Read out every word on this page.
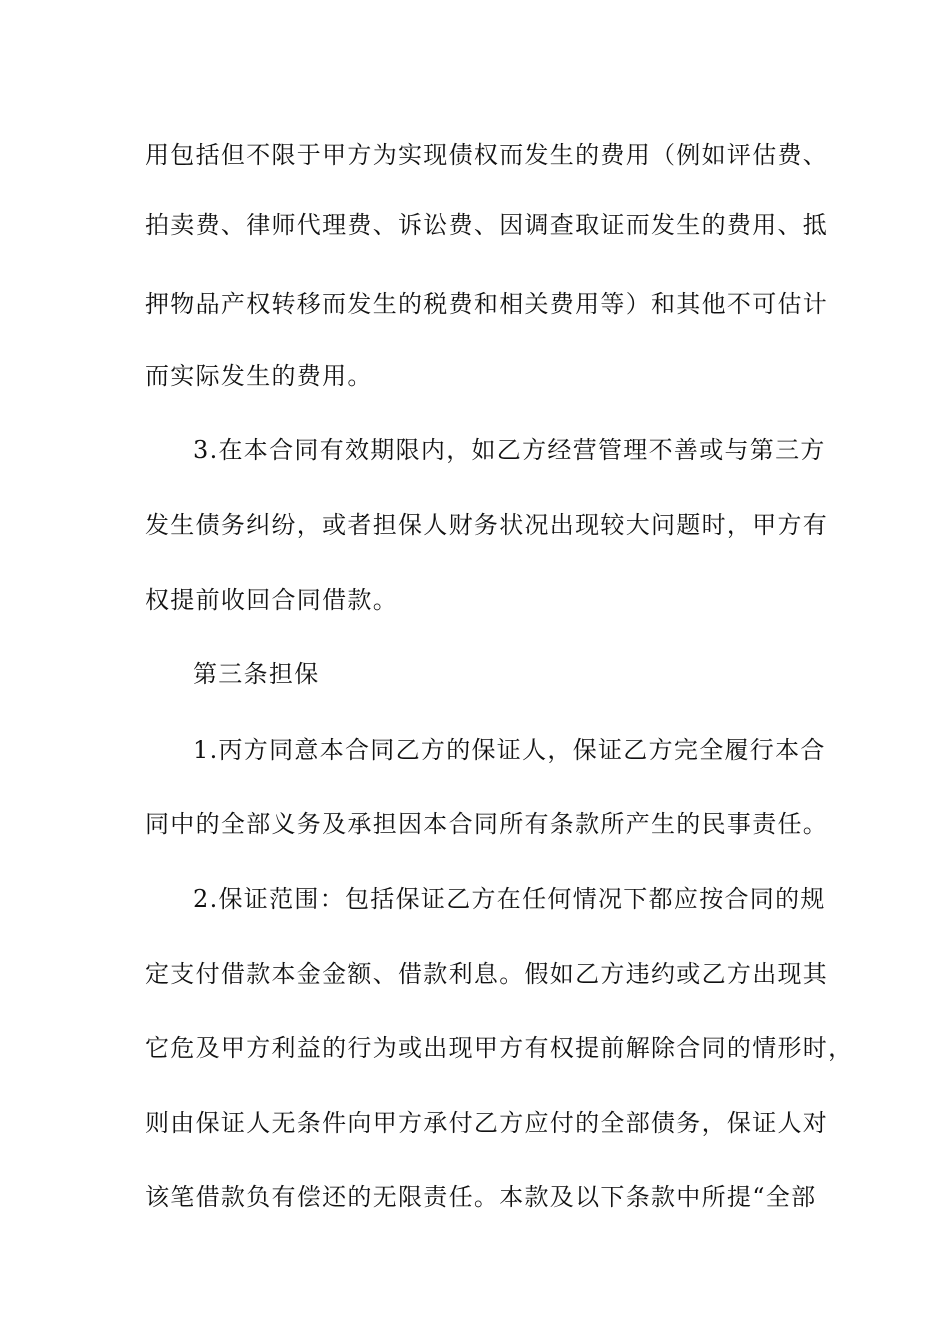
用包括但不限于甲方为实现债权而发生的费用（例如评估费、
拍卖费、律师代理费、诉讼费、因调查取证而发生的费用、抵
押物品产权转移而发生的税费和相关费用等）和其他不可估计
而实际发生的费用。
3.在本合同有效期限内，如乙方经营管理不善或与第三方
发生债务纠纷，或者担保人财务状况出现较大问题时，甲方有
权提前收回合同借款。
第三条担保
1.丙方同意本合同乙方的保证人，保证乙方完全履行本合
同中的全部义务及承担因本合同所有条款所产生的民事责任。
2.保证范围：包括保证乙方在任何情况下都应按合同的规
定支付借款本金金额、借款利息。假如乙方违约或乙方出现其
它危及甲方利益的行为或出现甲方有权提前解除合同的情形时，
则由保证人无条件向甲方承付乙方应付的全部债务，保证人对
该笔借款负有偿还的无限责任。本款及以下条款中所提“全部
